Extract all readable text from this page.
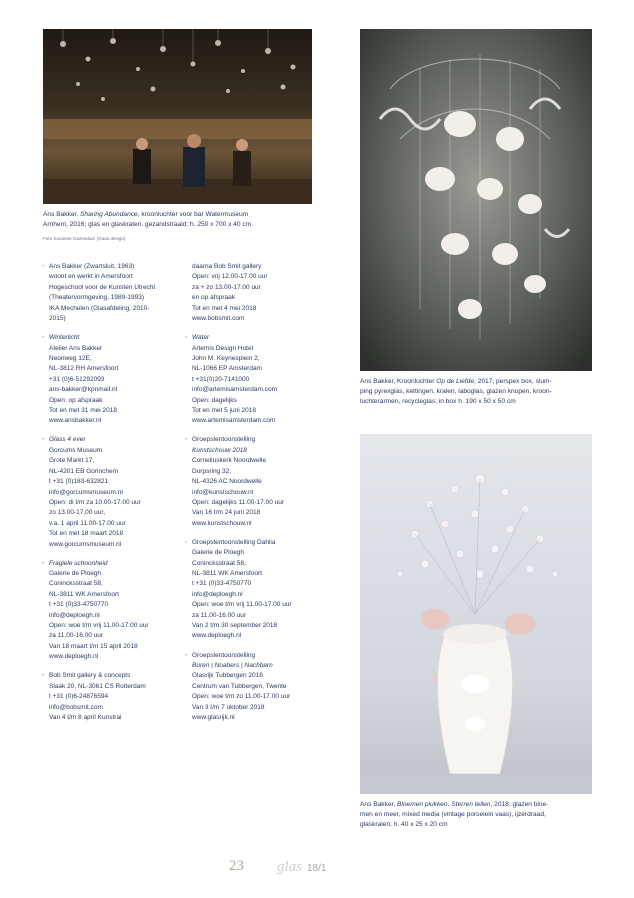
Ans Bakker, Sharing Abundance, kroonluchter voor bar Watermuseum
Arnhem, 2016; glas en glaskralen, gezandstraald; h. 250 x 700 x 40 cm.
Foto Suzanne Gazendam (Gaas design)
Ans Bakker, Kroonluchter Op de Liefde, 2017; perspex box, slum-
ping pyrexglas, kettingen, kralen, laboglas, glazen knopen, kroon-
luchterarmen, recycleglas; in box h. 190 x 50 x 50 cm
Ans Bakker, Bloemen plukken, Sterren tellen, 2018; glazen bloe-
men en meer, mixed media (vintage porselein vaas), ijzerdraad,
glaskralen; h. 40 x 25 x 20 cm
• Ans Bakker (Zwartsluit, 1963)
woont en werkt in Amersfoort
Hogeschool voor de Kunsten Utrecht
(Theatervormgeving, 1989-1993)
IKA Mechelen (Glasafdeling, 2010-
2015)
• Winterlicht
Atelier Ans Bakker
Neonweg 12E,
NL-3812 RH Amersfoort
+31 (0)6-51292093
ans-bakker@kpnmail.nl
Open: op afspraak
Tot en met 31 mei 2018
www.ansbakker.nl
• Glass 4 ever
Gorcums Museum
Grote Markt 17,
NL-4201 EB Gorinchem
t +31 (0)183-632821
info@gorcumsmuseum.nl
Open: di t/m za 10.00-17.00 uur
zo 13.00-17.00 uur,
v.a. 1 april 11.00-17.00 uur
Tot en met 18 maart 2018
www.gorcumsmuseum.nl
• Fragiele schoonheid
Galerie de Ploegh
Conincksstraat 58,
NL-3811 WK Amersfoort
t +31 (0)33-4750770
info@deploegh.nl
Open: woe t/m vrij 11.00-17.00 uur
za 11.00-16.00 uur
Van 18 maart t/m 15 april 2018
www.deploegh.nl
• Bob Smit gallery & concepts
Slaak 20, NL-3061 CS Rotterdam
t +31 (0)6-24876594
info@bobsmit.com
Van 4 t/m 8 april Kunstrai
daarna Bob Smit gallery
Open: vrij 12.00-17.00 uur
za + zo 13.00-17.00 uur
en op afspraak
Tot en met 4 mei 2018
www.bobsmit.com
• Water
Artemis Design Hotel
John M. Keynesplein 2,
NL-1066 EP Amsterdam
t +31(0)20-7141000
info@artemisamsterdam.com
Open: dagelijks
Tot en met 5 juni 2018
www.artemisamsterdam.com
• Groepstentoonstelling
Kunstschouw 2018
Corneliuskerk Noordwelle
Dorpsring 32,
NL-4326 AC Noordwelle
info@kunstschouw.nl
Open: dagelijks 11.00-17.00 uur
Van 16 t/m 24 juni 2018
www.kunstschouw.nl
• Groepstentoonstelling Dahlia
Galerie de Ploegh
Conincksstraat 58,
NL-3811 WK Amersfoort
t +31 (0)33-4750770
info@deploegh.nl
Open: woe t/m vrij 11.00-17.00 uur
za 11.00-16.00 uur
Van 2 t/m 30 september 2018
www.deploegh.nl
• Groepstentoonstelling
Buren | Noabers | Nachbarn
Glasrijk Tubbergen 2018
Centrum van Tubbergen, Twente
Open: woe t/m zo 11.00-17.00 uur
Van 3 t/m 7 oktober 2018
www.glasrijk.nl
23 glas 18/1
